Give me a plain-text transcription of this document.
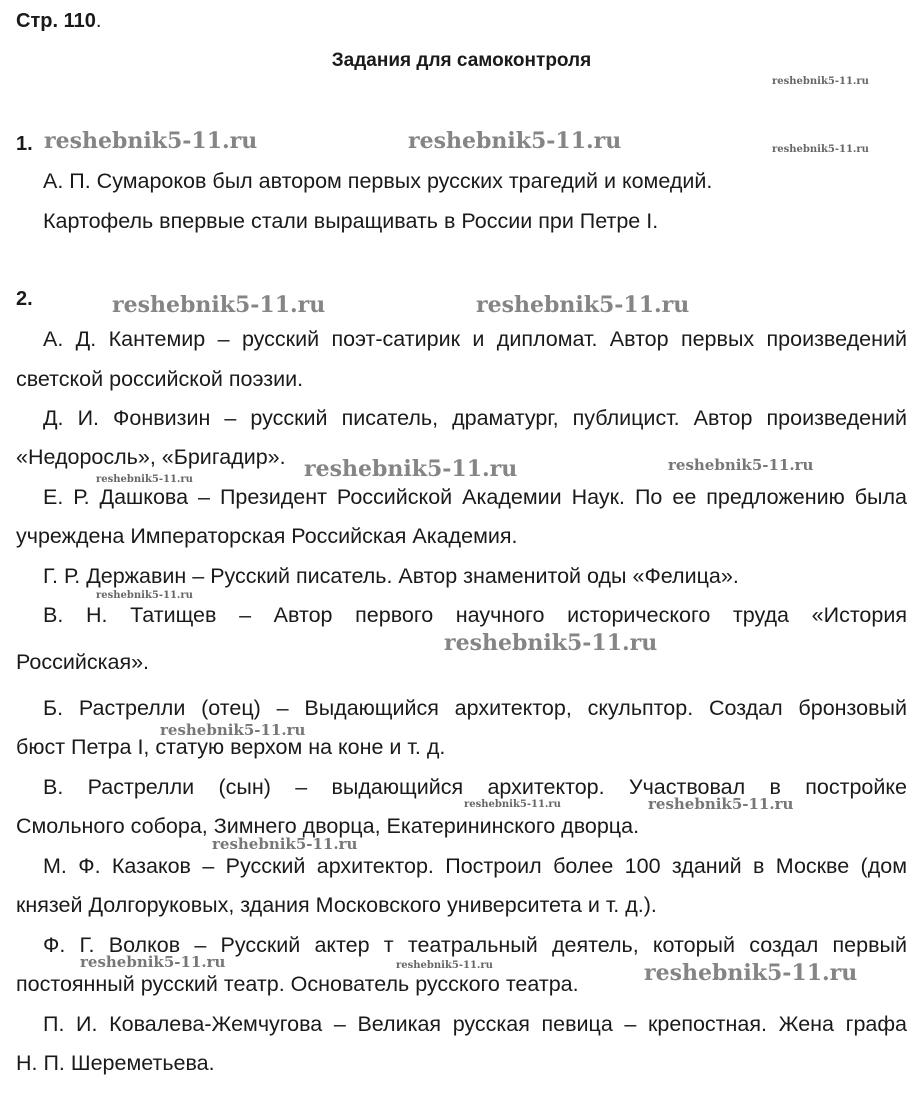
Стр. 110.
Задания для самоконтроля
1.
А. П. Сумароков был автором первых русских трагедий и комедий.
Картофель впервые стали выращивать в России при Петре I.
2.
А. Д. Кантемир – русский поэт-сатирик и дипломат. Автор первых произведений
светской российской поэзии.
Д. И. Фонвизин – русский писатель, драматург, публицист. Автор произведений
«Недоросль», «Бригадир».
Е. Р. Дашкова – Президент Российской Академии Наук. По ее предложению была
учреждена Императорская Российская Академия.
Г. Р. Державин – Русский писатель. Автор знаменитой оды «Фелица».
В. Н. Татищев – Автор первого научного исторического труда «История
Российская».
Б. Растрелли (отец) – Выдающийся архитектор, скульптор. Создал бронзовый
бюст Петра I, статую верхом на коне и т. д.
В. Растрелли (сын) – выдающийся архитектор. Участвовал в постройке
Смольного собора, Зимнего дворца, Екатерининского дворца.
М. Ф. Казаков – Русский архитектор. Построил более 100 зданий в Москве (дом
князей Долгоруковых, здания Московского университета и т. д.).
Ф. Г. Волков – Русский актер т театральный деятель, который создал первый
постоянный русский театр. Основатель русского театра.
П. И. Ковалева-Жемчугова – Великая русская певица – крепостная. Жена графа
Н. П. Шереметьева.
reshebnik5-11.ru
reshebnik5-11.ru	reshebnik5-11.ru	reshebnik5-11.ru
reshebnik5-11.ru	reshebnik5-11.ru
reshebnik5-11.ru	reshebnik5-11.ru
reshebnik5-11.ru
reshebnik5-11.ru
reshebnik5-11.ru
reshebnik5-11.ru
reshebnik5-11.ru
reshebnik5-11.ru
reshebnik5-11.ru
reshebnik5-11.ru	reshebnik5-11.ru	reshebnik5-11.ru
